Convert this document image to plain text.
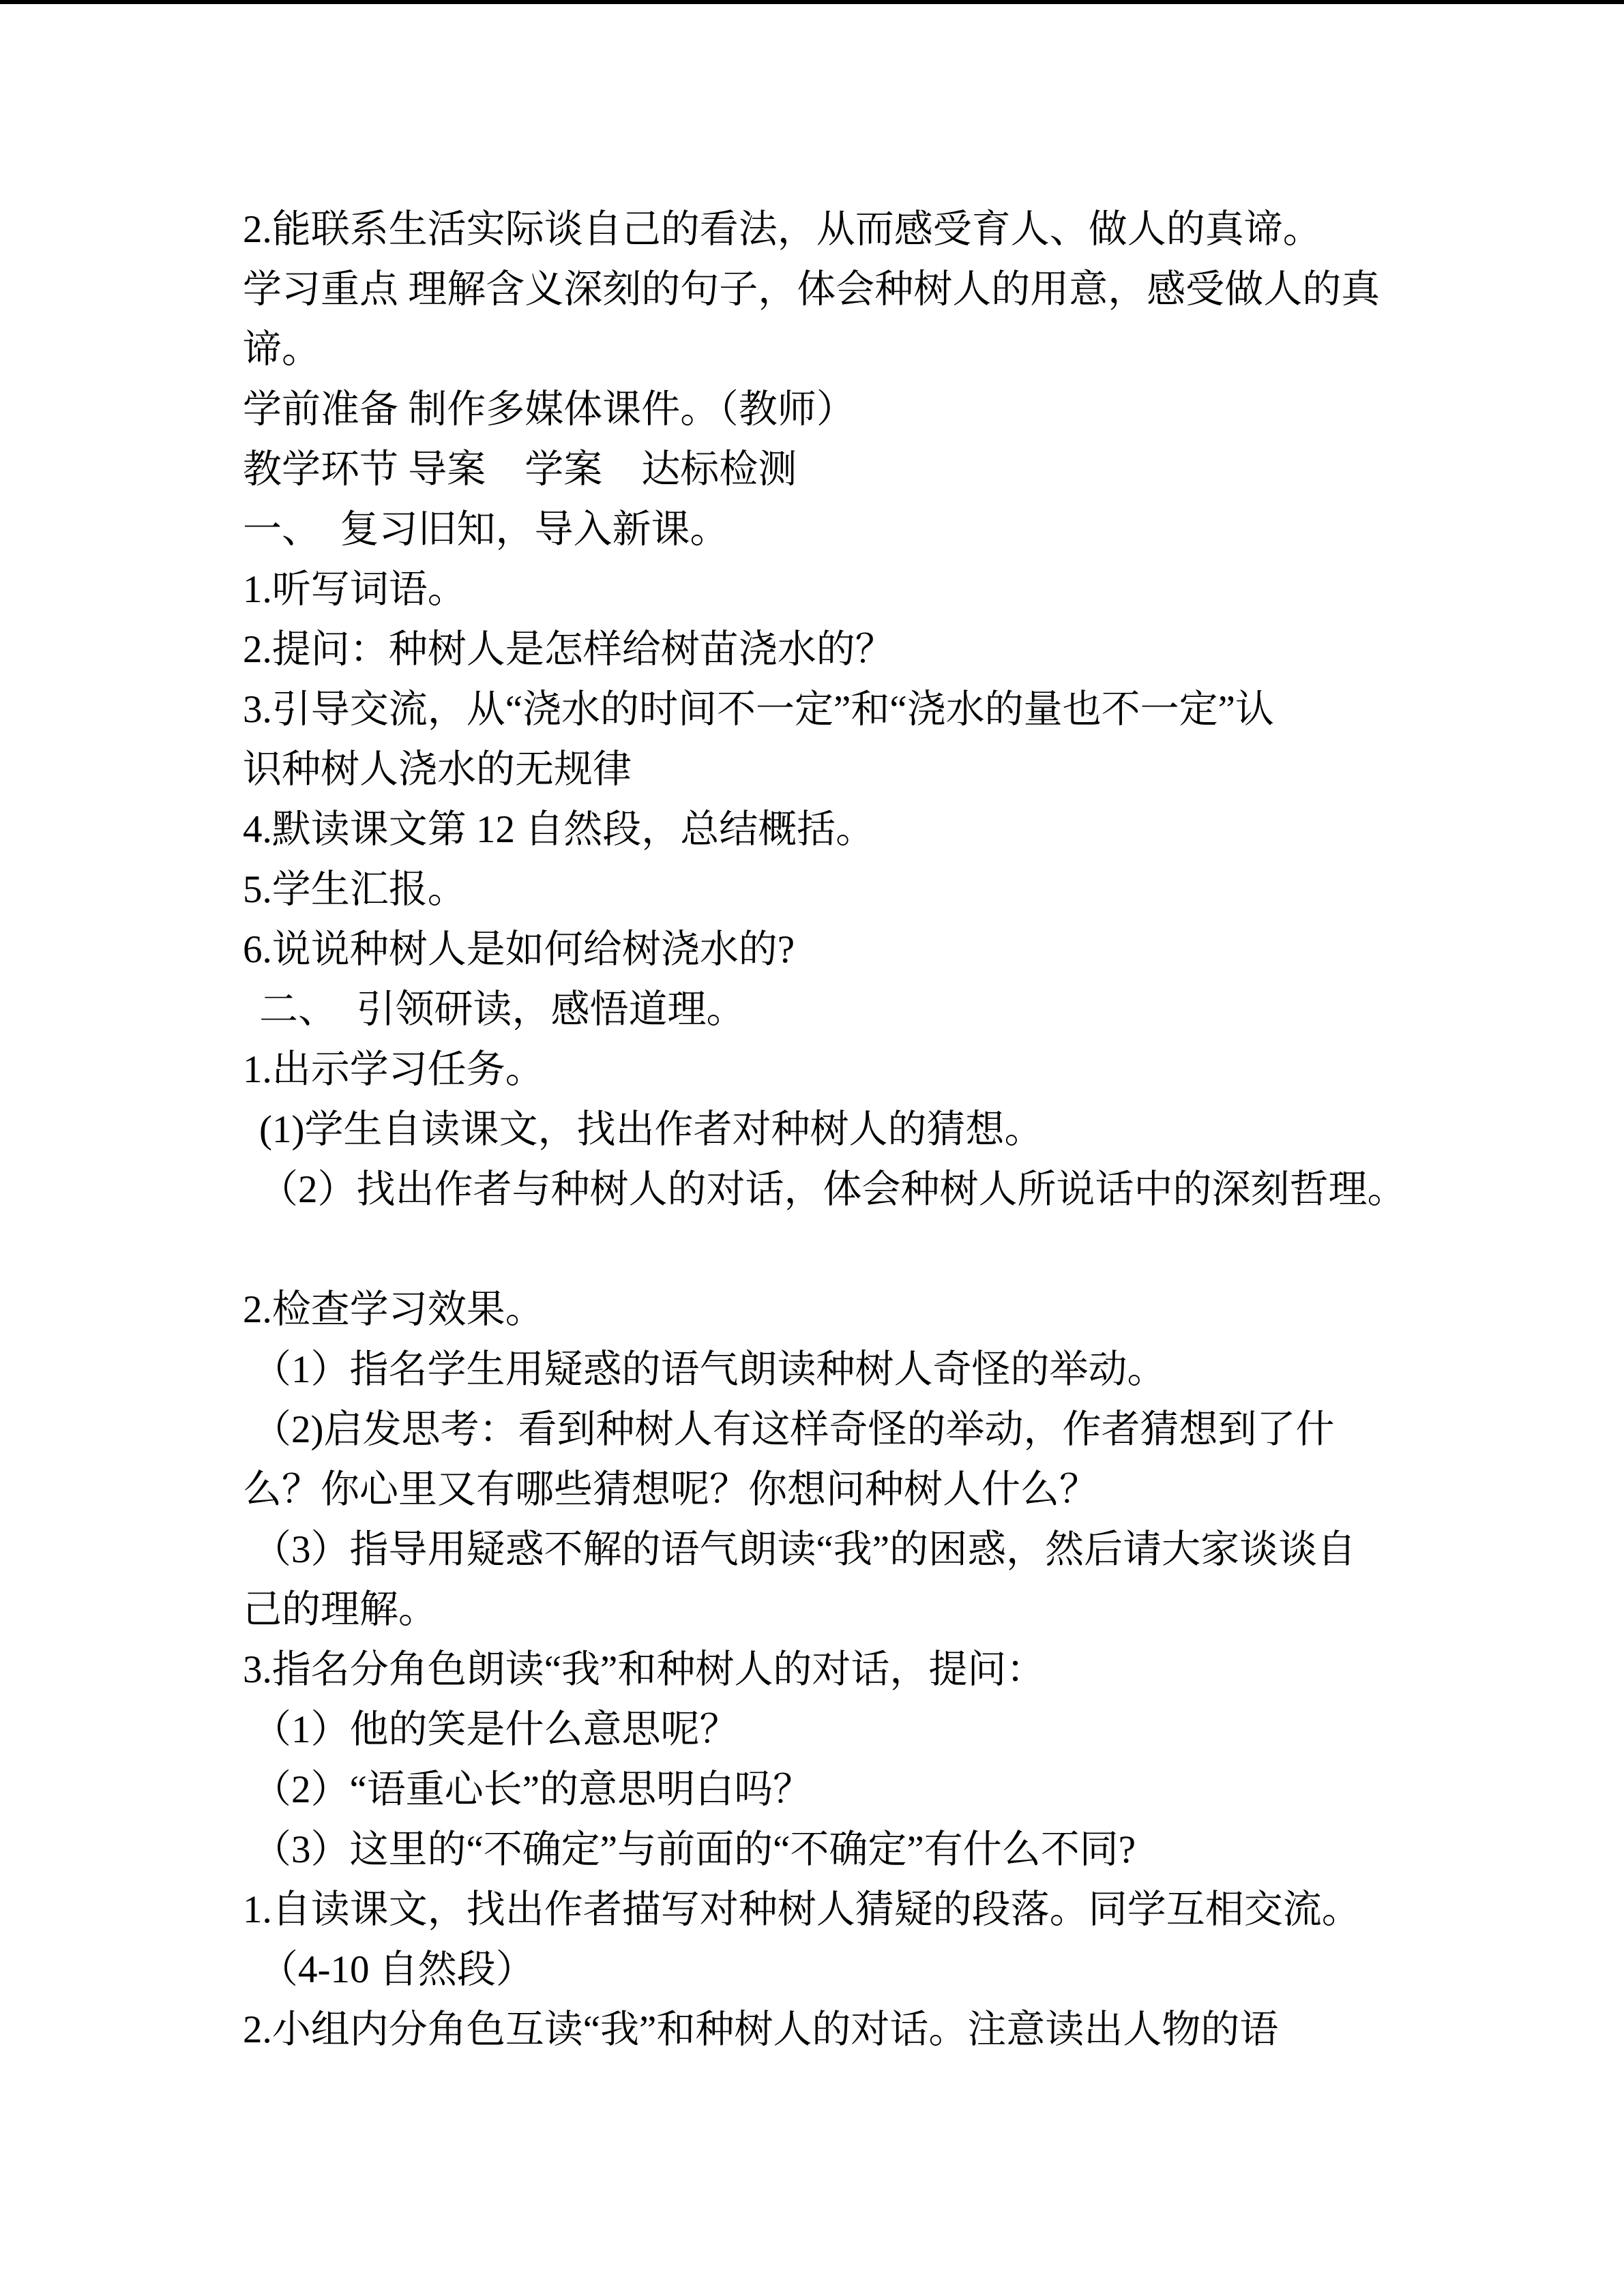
2.能联系生活实际谈自己的看法，从而感受育人、做人的真谛。
学习重点 理解含义深刻的句子，体会种树人的用意，感受做人的真
谛。
学前准备 制作多媒体课件。（教师）
教学环节 导案　学案　达标检测
一、　复习旧知，导入新课。
1.听写词语。
2.提问：种树人是怎样给树苗浇水的？
3.引导交流，从“浇水的时间不一定”和“浇水的量也不一定”认
识种树人浇水的无规律
4.默读课文第 12 自然段，总结概括。
5.学生汇报。
6.说说种树人是如何给树浇水的?
二、　引领研读，感悟道理。
1.出示学习任务。
(1)学生自读课文，找出作者对种树人的猜想。
（2）找出作者与种树人的对话，体会种树人所说话中的深刻哲理。
2.检查学习效果。
（1）指名学生用疑惑的语气朗读种树人奇怪的举动。
（2)启发思考：看到种树人有这样奇怪的举动，作者猜想到了什
么？你心里又有哪些猜想呢？你想问种树人什么？
（3）指导用疑惑不解的语气朗读“我”的困惑，然后请大家谈谈自
己的理解。
3.指名分角色朗读“我”和种树人的对话，提问：
（1）他的笑是什么意思呢？
（2）“语重心长”的意思明白吗？
（3）这里的“不确定”与前面的“不确定”有什么不同?
1.自读课文，找出作者描写对种树人猜疑的段落。同学互相交流。
（4-10 自然段）
2.小组内分角色互读“我”和种树人的对话。注意读出人物的语
